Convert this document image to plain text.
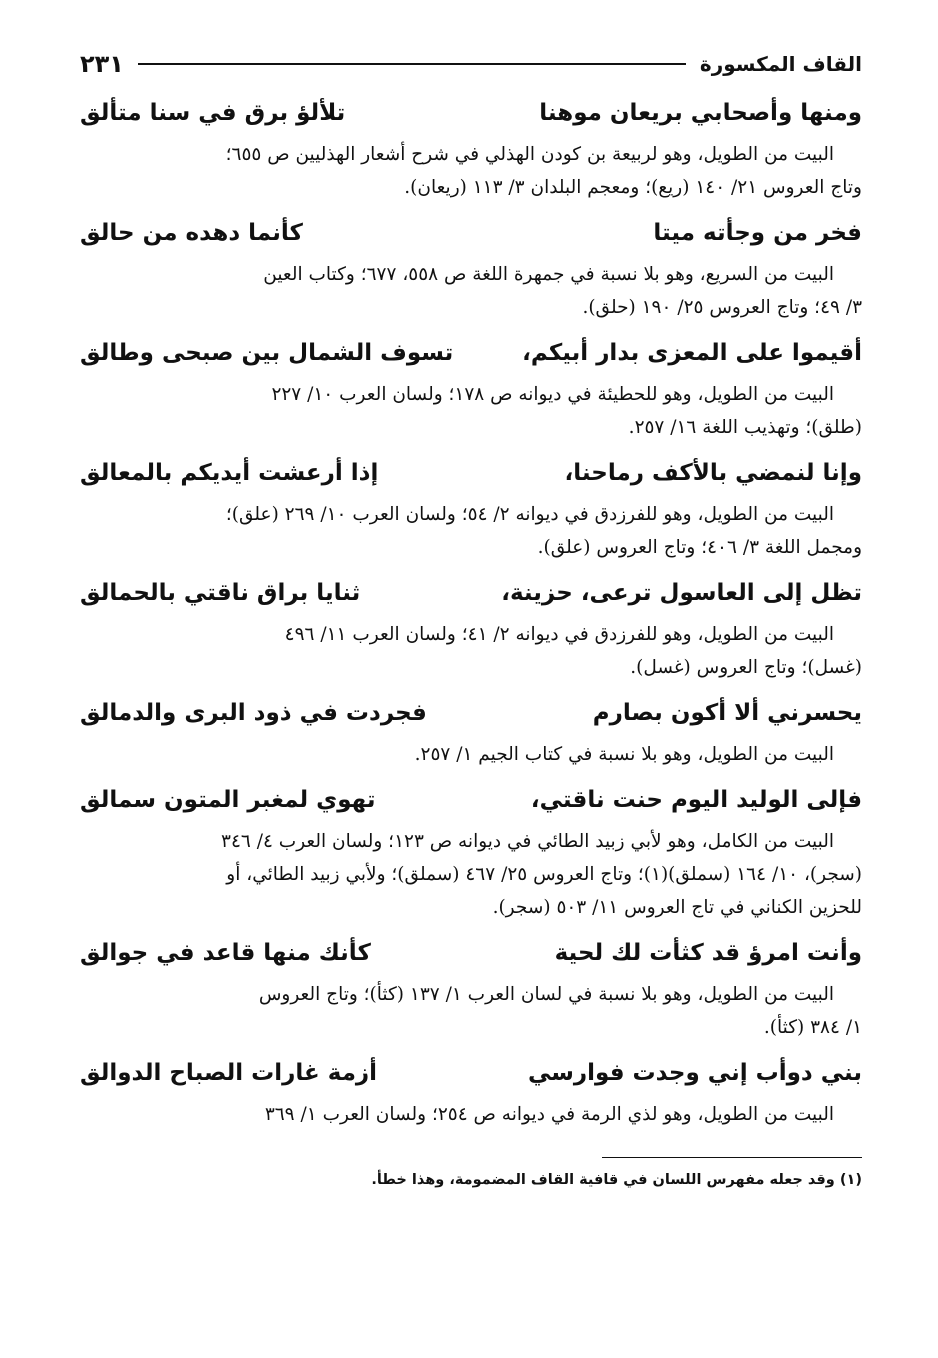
القاف المكسورة
٢٣١
ومنها وأصحابي بريعان موهنا
تلألؤ برق في سنا متألق

البيت من الطويل، وهو لربيعة بن كودن الهذلي في شرح أشعار الهذليين ص ٦٥٥؛

وتاج العروس ٢١/ ١٤٠ (ريع)؛ ومعجم البلدان ٣/ ١١٣ (ريعان).

فخر من وجأته ميتا
كأنما دهده من حالق

البيت من السريع، وهو بلا نسبة في جمهرة اللغة ص ٥٥٨، ٦٧٧؛ وكتاب العين

٣/ ٤٩؛ وتاج العروس ٢٥/ ١٩٠ (حلق).

أقيموا على المعزى بدار أبيكم،
تسوف الشمال بين صبحى وطالق

البيت من الطويل، وهو للحطيئة في ديوانه ص ١٧٨؛ ولسان العرب ١٠/ ٢٢٧

(طلق)؛ وتهذيب اللغة ١٦/ ٢٥٧.

وإنا لنمضي بالأكف رماحنا،
إذا أرعشت أيديكم بالمعالق

البيت من الطويل، وهو للفرزدق في ديوانه ٢/ ٥٤؛ ولسان العرب ١٠/ ٢٦٩ (علق)؛

ومجمل اللغة ٣/ ٤٠٦؛ وتاج العروس (علق).

تظل إلى العاسول ترعى، حزينة،
ثنايا براق ناقتي بالحمالق

البيت من الطويل، وهو للفرزدق في ديوانه ٢/ ٤١؛ ولسان العرب ١١/ ٤٩٦

(غسل)؛ وتاج العروس (غسل).

يحسرني ألا أكون بصارم
فجردت في ذود البرى والدمالق

البيت من الطويل، وهو بلا نسبة في كتاب الجيم ١/ ٢٥٧.

فإلى الوليد اليوم حنت ناقتي،
تهوي لمغبر المتون سمالق

البيت من الكامل، وهو لأبي زبيد الطائي في ديوانه ص ١٢٣؛ ولسان العرب ٤/ ٣٤٦

(سجر)، ١٠/ ١٦٤ (سملق)(١)؛ وتاج العروس ٢٥/ ٤٦٧ (سملق)؛ ولأبي زبيد الطائي، أو

للحزين الكناني في تاج العروس ١١/ ٥٠٣ (سجر).

وأنت امرؤ قد كثأت لك لحية
كأنك منها قاعد في جوالق

البيت من الطويل، وهو بلا نسبة في لسان العرب ١/ ١٣٧ (كثأ)؛ وتاج العروس

١/ ٣٨٤ (كثأ).

بني دوأب إني وجدت فوارسي
أزمة غارات الصباح الدوالق

البيت من الطويل، وهو لذي الرمة في ديوانه ص ٢٥٤؛ ولسان العرب ١/ ٣٦٩

(١) وقد جعله مفهرس اللسان في قافية القاف المضمومة، وهذا خطأ.
